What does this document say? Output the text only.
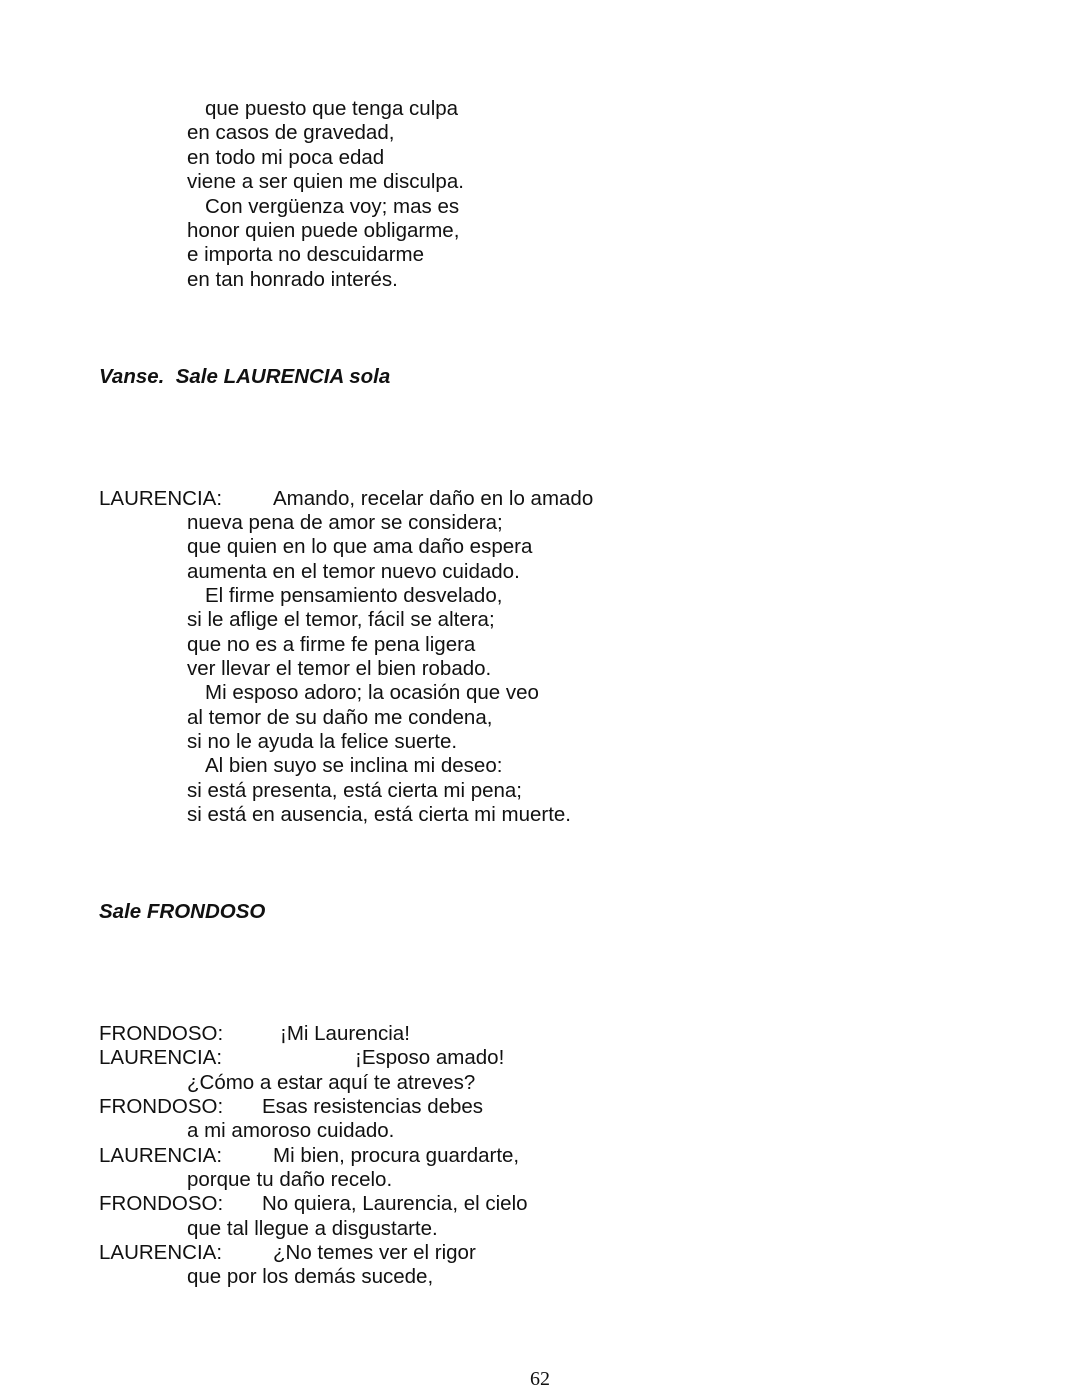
que puesto que tenga culpa
en casos de gravedad,
en todo mi poca edad
viene a ser quien me disculpa.
Con vergüenza voy; mas es
honor quien puede obligarme,
e importa no descuidarme
en tan honrado interés.
Vanse.  Sale LAURENCIA sola
LAURENCIA: Amando, recelar daño en lo amado
nueva pena de amor se considera;
que quien en lo que ama daño espera
aumenta en el temor nuevo cuidado.
El firme pensamiento desvelado,
si le aflige el temor, fácil se altera;
que no es a firme fe pena ligera
ver llevar el temor el bien robado.
Mi esposo adoro; la ocasión que veo
al temor de su daño me condena,
si no le ayuda la felice suerte.
Al bien suyo se inclina mi deseo:
si está presenta, está cierta mi pena;
si está en ausencia, está cierta mi muerte.
Sale FRONDOSO
FRONDOSO:	¡Mi Laurencia!
LAURENCIA:	¡Esposo amado!
¿Cómo a estar aquí te atreves?
FRONDOSO: Esas resistencias debes
a mi amoroso cuidado.
LAURENCIA: Mi bien, procura guardarte,
porque tu daño recelo.
FRONDOSO: No quiera, Laurencia, el cielo
que tal llegue a disgustarte.
LAURENCIA: ¿No temes ver el rigor
que por los demás sucede,
62
